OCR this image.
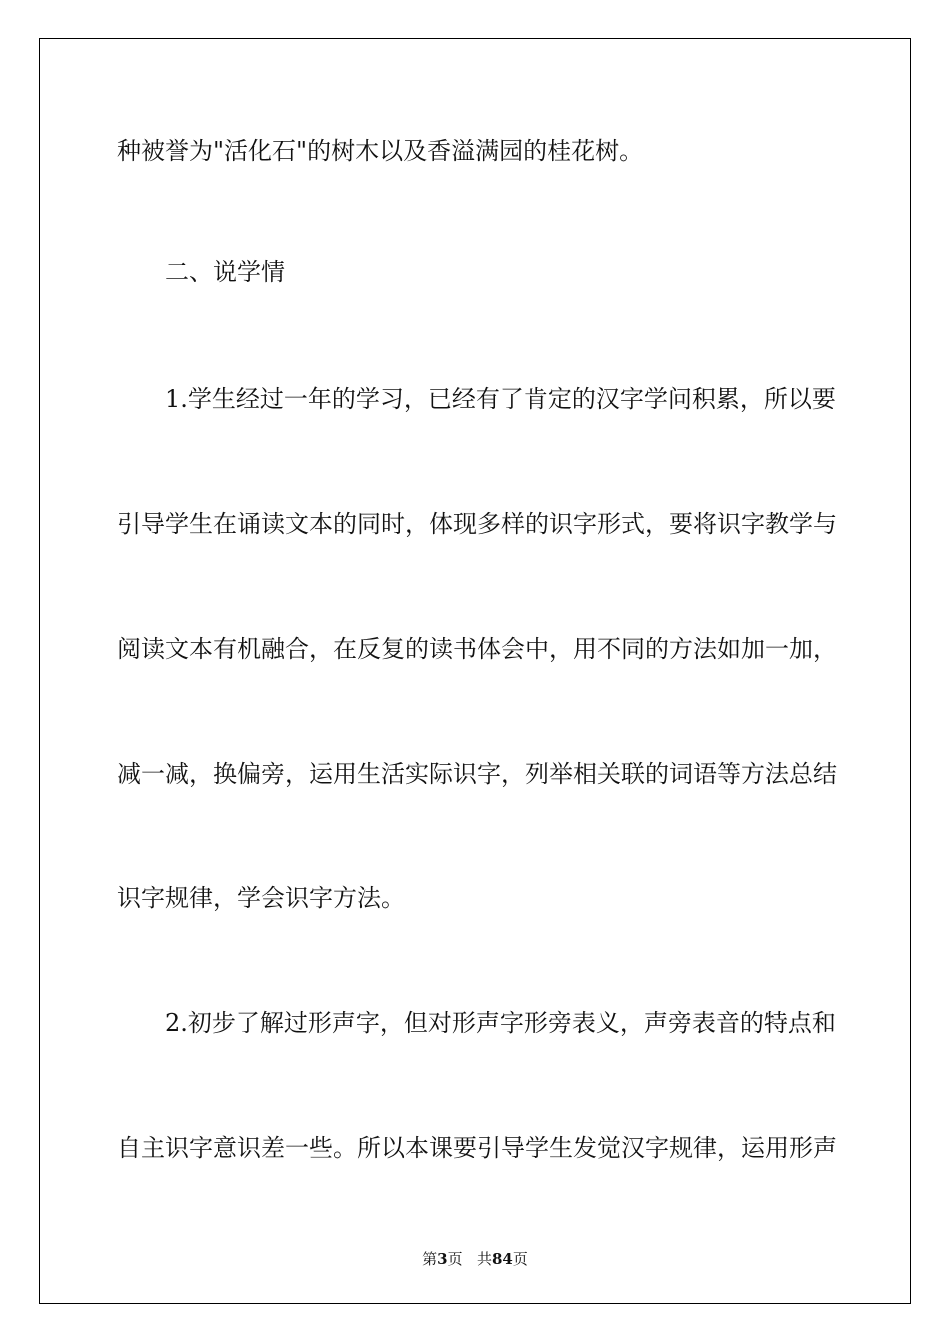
种被誉为"活化石"的树木以及香溢满园的桂花树。
二、说学情
1.学生经过一年的学习，已经有了肯定的汉字学问积累，所以要
引导学生在诵读文本的同时，体现多样的识字形式，要将识字教学与
阅读文本有机融合，在反复的读书体会中，用不同的方法如加一加，
减一减，换偏旁，运用生活实际识字，列举相关联的词语等方法总结
识字规律，学会识字方法。
2.初步了解过形声字，但对形声字形旁表义，声旁表音的特点和
自主识字意识差一些。所以本课要引导学生发觉汉字规律，运用形声
第3页 共84页
